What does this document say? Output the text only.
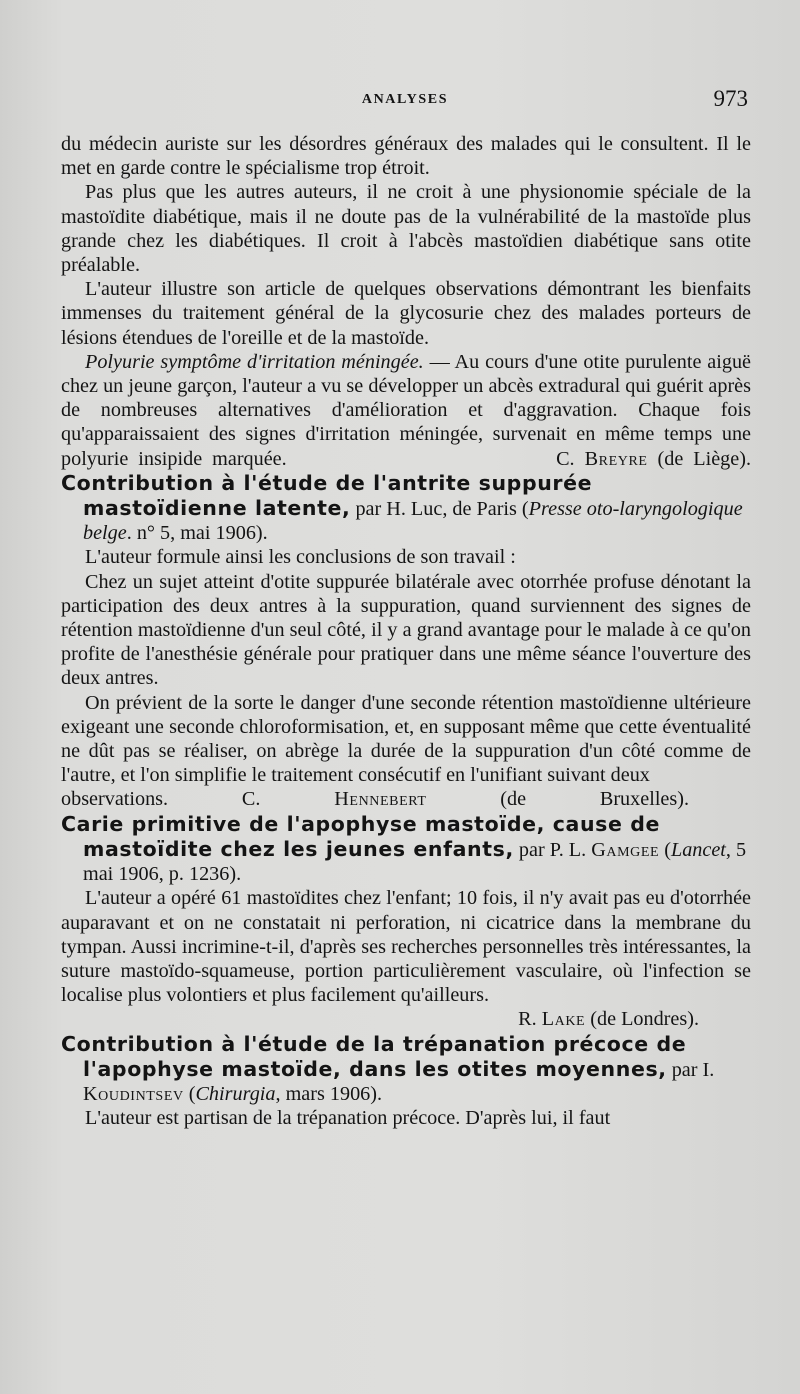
ANALYSES	973

du médecin auriste sur les désordres généraux des malades qui le consultent. Il le met en garde contre le spécialisme trop étroit.

Pas plus que les autres auteurs, il ne croit à une physionomie spéciale de la mastoïdite diabétique, mais il ne doute pas de la vulnérabilité de la mastoïde plus grande chez les diabétiques. Il croit à l'abcès mastoïdien diabétique sans otite préalable.

L'auteur illustre son article de quelques observations démontrant les bienfaits immenses du traitement général de la glycosurie chez des malades porteurs de lésions étendues de l'oreille et de la mastoïde.

Polyurie symptôme d'irritation méningée. — Au cours d'une otite purulente aiguë chez un jeune garçon, l'auteur a vu se développer un abcès extradural qui guérit après de nombreuses alternatives d'amélioration et d'aggravation. Chaque fois qu'apparaissaient des signes d'irritation méningée, survenait en même temps une polyurie insipide marquée.	C. Breyre (de Liège).

Contribution à l'étude de l'antrite suppurée mastoïdienne latente, par H. Luc, de Paris (Presse oto-laryngologique belge. n° 5, mai 1906).

L'auteur formule ainsi les conclusions de son travail :

Chez un sujet atteint d'otite suppurée bilatérale avec otorrhée profuse dénotant la participation des deux antres à la suppuration, quand surviennent des signes de rétention mastoïdienne d'un seul côté, il y a grand avantage pour le malade à ce qu'on profite de l'anesthésie générale pour pratiquer dans une même séance l'ouverture des deux antres.

On prévient de la sorte le danger d'une seconde rétention mastoïdienne ultérieure exigeant une seconde chloroformisation, et, en supposant même que cette éventualité ne dût pas se réaliser, on abrège la durée de la suppuration d'un côté comme de l'autre, et l'on simplifie le traitement consécutif en l'unifiant suivant deux

observations.	C. Hennebert (de Bruxelles).

Carie primitive de l'apophyse mastoïde, cause de mastoïdite chez les jeunes enfants, par P. L. Gamgee (Lancet, 5 mai 1906, p. 1236).

L'auteur a opéré 61 mastoïdites chez l'enfant; 10 fois, il n'y avait pas eu d'otorrhée auparavant et on ne constatait ni perforation, ni cicatrice dans la membrane du tympan. Aussi incrimine-t-il, d'après ses recherches personnelles très intéressantes, la suture mastoïdo-squameuse, portion particulièrement vasculaire, où l'infection se localise plus volontiers et plus facilement qu'ailleurs.

R. Lake (de Londres).

Contribution à l'étude de la trépanation précoce de l'apophyse mastoïde, dans les otites moyennes, par I. Koudintsev (Chirurgia, mars 1906).

L'auteur est partisan de la trépanation précoce. D'après lui, il faut
